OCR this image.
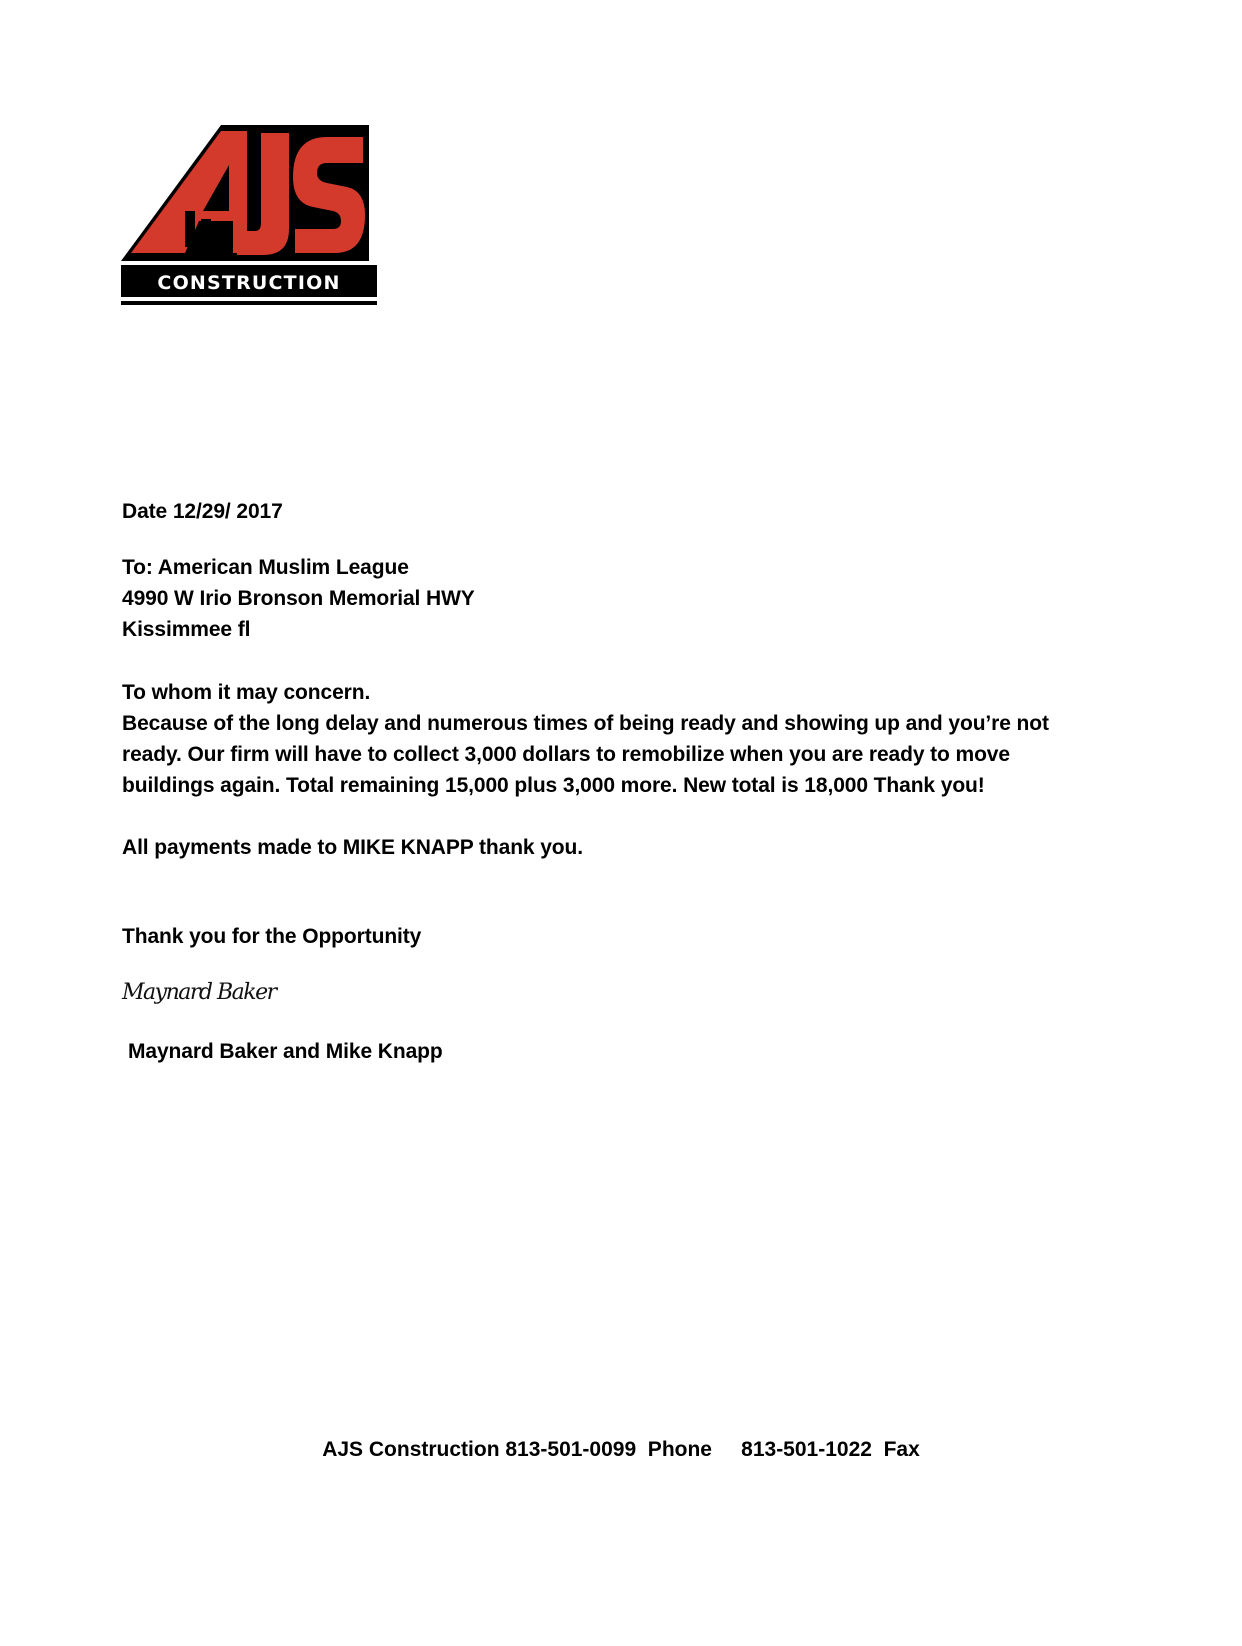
CONSTRUCTION
Date 12/29/ 2017
To: American Muslim League
4990 W Irio Bronson Memorial HWY
Kissimmee fl
To whom it may concern.
Because of the long delay and numerous times of being ready and showing up and you’re not
ready. Our firm will have to collect 3,000 dollars to remobilize when you are ready to move
buildings again. Total remaining 15,000 plus 3,000 more. New total is 18,000 Thank you!
All payments made to MIKE KNAPP thank you.
Thank you for the Opportunity
Maynard Baker
Maynard Baker and Mike Knapp
AJS Construction 813-501-0099  Phone     813-501-1022  Fax
